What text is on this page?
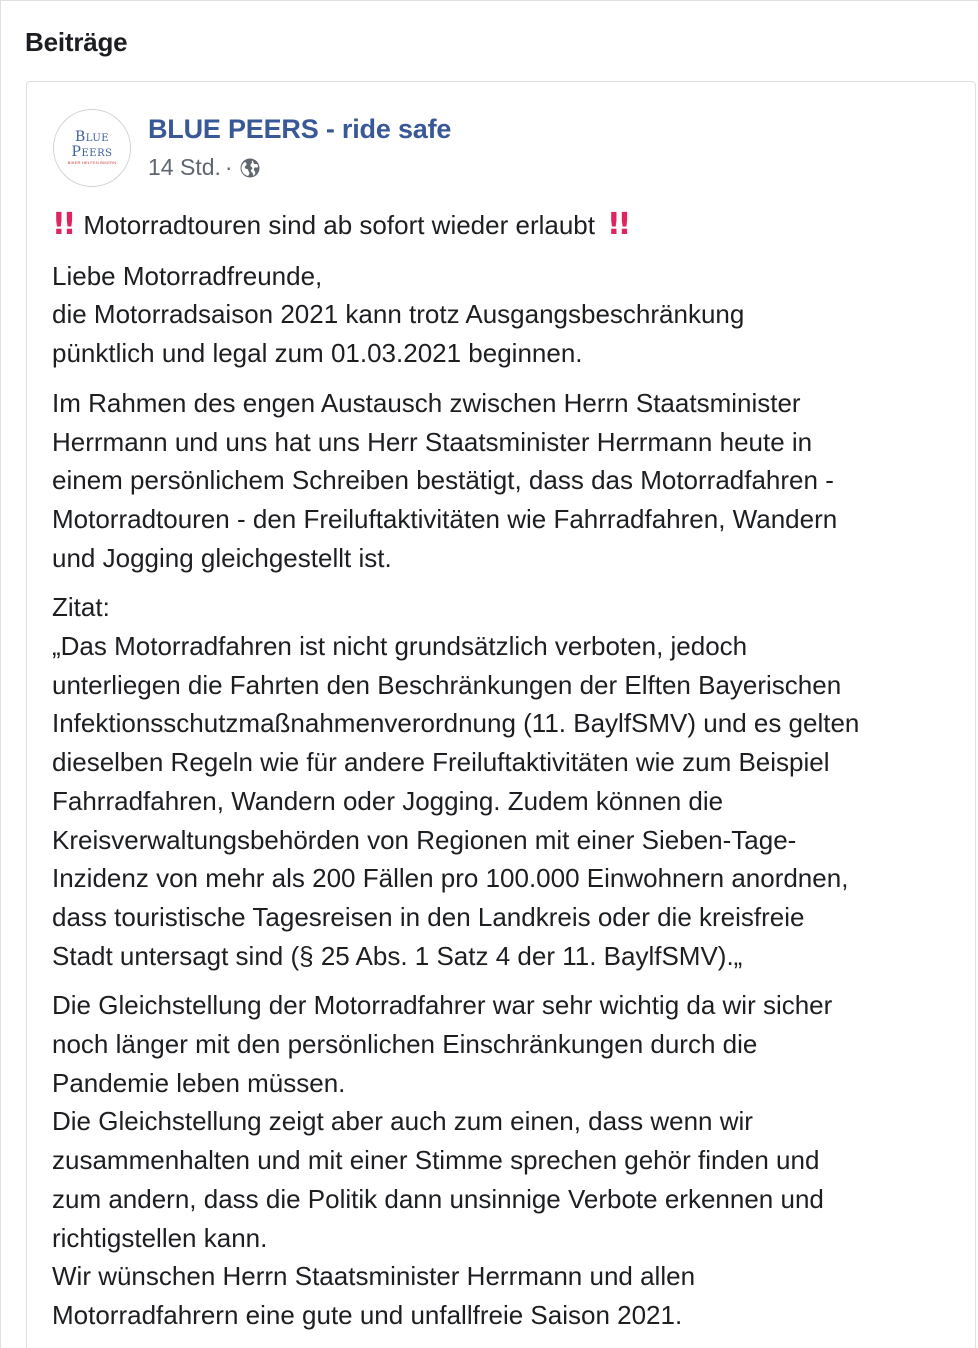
Beiträge
Blue
Peers
BIKER HELFEN BIKERN
BLUE PEERS - ride safe
14 Std. ·
!! Motorradtouren sind ab sofort wieder erlaubt !!

Liebe Motorradfreunde,
die Motorradsaison 2021 kann trotz Ausgangsbeschränkung
pünktlich und legal zum 01.03.2021 beginnen.

Im Rahmen des engen Austausch zwischen Herrn Staatsminister
Herrmann und uns hat uns Herr Staatsminister Herrmann heute in
einem persönlichem Schreiben bestätigt, dass das Motorradfahren -
Motorradtouren - den Freiluftaktivitäten wie Fahrradfahren, Wandern
und Jogging gleichgestellt ist.

Zitat:
„Das Motorradfahren ist nicht grundsätzlich verboten, jedoch
unterliegen die Fahrten den Beschränkungen der Elften Bayerischen
Infektionsschutzmaßnahmenverordnung (11. BaylfSMV) und es gelten
dieselben Regeln wie für andere Freiluftaktivitäten wie zum Beispiel
Fahrradfahren, Wandern oder Jogging. Zudem können die
Kreisverwaltungsbehörden von Regionen mit einer Sieben-Tage-
Inzidenz von mehr als 200 Fällen pro 100.000 Einwohnern anordnen,
dass touristische Tagesreisen in den Landkreis oder die kreisfreie
Stadt untersagt sind (§ 25 Abs. 1 Satz 4 der 11. BaylfSMV).„

Die Gleichstellung der Motorradfahrer war sehr wichtig da wir sicher
noch länger mit den persönlichen Einschränkungen durch die
Pandemie leben müssen.
Die Gleichstellung zeigt aber auch zum einen, dass wenn wir
zusammenhalten und mit einer Stimme sprechen gehör finden und
zum andern, dass die Politik dann unsinnige Verbote erkennen und
richtigstellen kann.
Wir wünschen Herrn Staatsminister Herrmann und allen
Motorradfahrern eine gute und unfallfreie Saison 2021.
